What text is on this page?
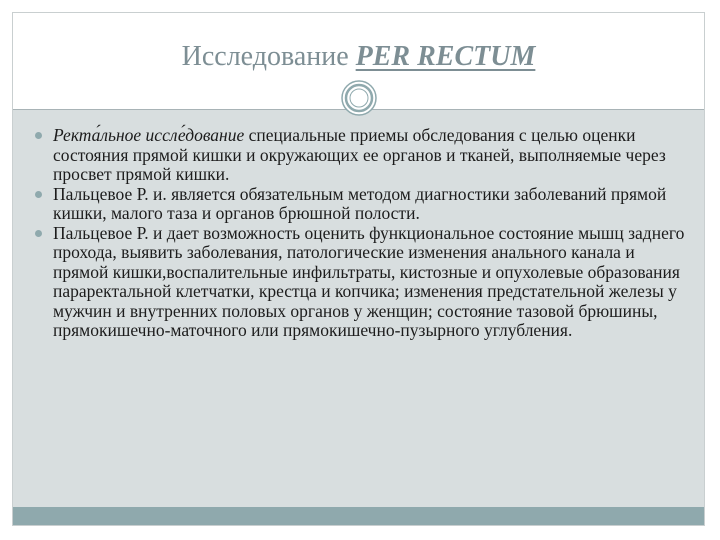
Исследование PER RECTUM
Ректа́льное иссле́дование специальные приемы обследования с целью оценки состояния прямой кишки и окружающих ее органов и тканей, выполняемые через просвет прямой кишки.
Пальцевое Р. и. является обязательным методом диагностики заболеваний прямой кишки, малого таза и органов брюшной полости.
Пальцевое Р. и дает возможность оценить функциональное состояние мышц заднего прохода, выявить заболевания, патологические изменения анального канала и прямой кишки,воспалительные инфильтраты, кистозные и опухолевые образования параректальной клетчатки, крестца и копчика; изменения предстательной железы у мужчин и внутренних половых органов у женщин; состояние тазовой брюшины, прямокишечно-маточного или прямокишечно-пузырного углубления.
